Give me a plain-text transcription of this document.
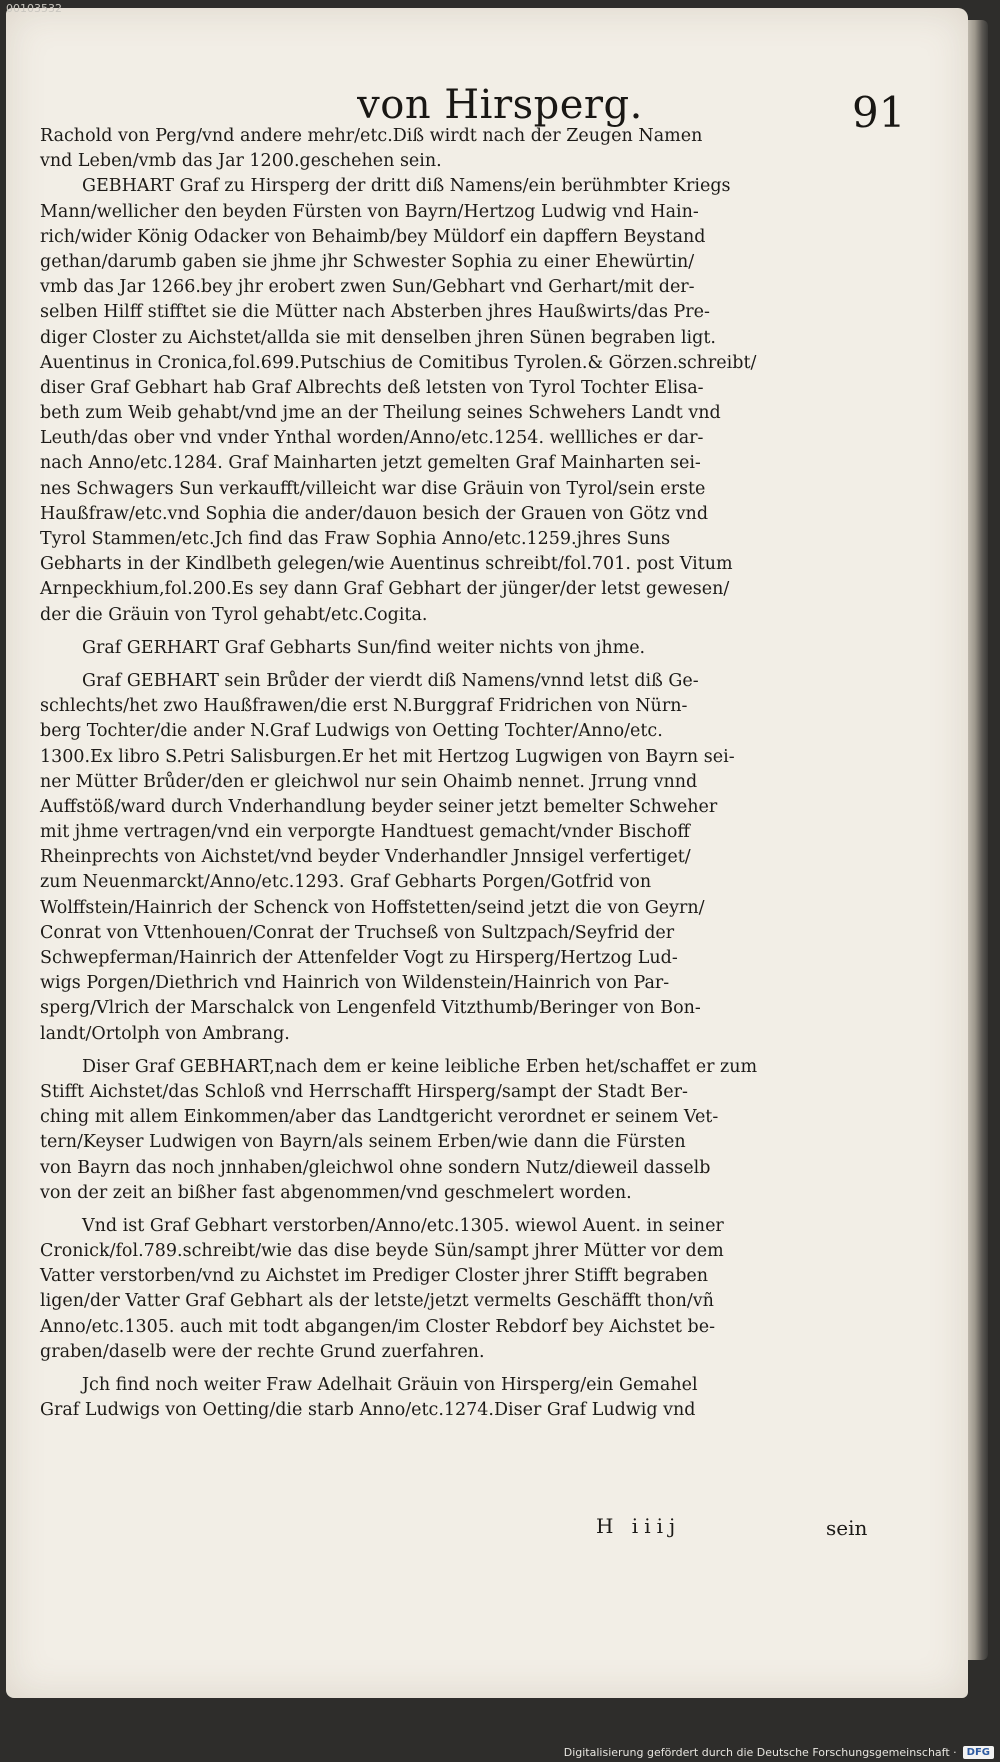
00103532
von Hirsperg.	91
Rachold von Perg/vnd andere mehr/etc.Diß wirdt nach der Zeugen Namen
vnd Leben/vmb das Jar 1200.geschehen sein.
GEBHART Graf zu Hirsperg der dritt diß Namens/ein berühmbter Kriegs
Mann/wellicher den beyden Fürsten von Bayrn/Hertzog Ludwig vnd Hain-
rich/wider König Odacker von Behaimb/bey Müldorf ein dapffern Beystand
gethan/darumb gaben sie jhme jhr Schwester Sophia zu einer Ehewürtin/
vmb das Jar 1266.bey jhr erobert zwen Sun/Gebhart vnd Gerhart/mit der-
selben Hilff stifftet sie die Mütter nach Absterben jhres Haußwirts/das Pre-
diger Closter zu Aichstet/allda sie mit denselben jhren Sünen begraben ligt.
Auentinus in Cronica,fol.699.Putschius de Comitibus Tyrolen.& Görzen.schreibt/
diser Graf Gebhart hab Graf Albrechts deß letsten von Tyrol Tochter Elisa-
beth zum Weib gehabt/vnd jme an der Theilung seines Schwehers Landt vnd
Leuth/das ober vnd vnder Ynthal worden/Anno/etc.1254. wellliches er dar-
nach Anno/etc.1284. Graf Mainharten jetzt gemelten Graf Mainharten sei-
nes Schwagers Sun verkaufft/villeicht war dise Gräuin von Tyrol/sein erste
Haußfraw/etc.vnd Sophia die ander/dauon besich der Grauen von Götz vnd
Tyrol Stammen/etc.Jch find das Fraw Sophia Anno/etc.1259.jhres Suns
Gebharts in der Kindlbeth gelegen/wie Auentinus schreibt/fol.701. post Vitum
Arnpeckhium,fol.200.Es sey dann Graf Gebhart der jünger/der letst gewesen/
der die Gräuin von Tyrol gehabt/etc.Cogita.
Graf GERHART Graf Gebharts Sun/find weiter nichts von jhme.
Graf GEBHART sein Brůder der vierdt diß Namens/vnnd letst diß Ge-
schlechts/het zwo Haußfrawen/die erst N.Burggraf Fridrichen von Nürn-
berg Tochter/die ander N.Graf Ludwigs von Oetting Tochter/Anno/etc.
1300.Ex libro S.Petri Salisburgen.Er het mit Hertzog Lugwigen von Bayrn sei-
ner Mütter Brůder/den er gleichwol nur sein Ohaimb nennet. Jrrung vnnd
Auffstöß/ward durch Vnderhandlung beyder seiner jetzt bemelter Schweher
mit jhme vertragen/vnd ein verporgte Handtuest gemacht/vnder Bischoff
Rheinprechts von Aichstet/vnd beyder Vnderhandler Jnnsigel verfertiget/
zum Neuenmarckt/Anno/etc.1293. Graf Gebharts Porgen/Gotfrid von
Wolffstein/Hainrich der Schenck von Hoffstetten/seind jetzt die von Geyrn/
Conrat von Vttenhouen/Conrat der Truchseß von Sultzpach/Seyfrid der
Schwepferman/Hainrich der Attenfelder Vogt zu Hirsperg/Hertzog Lud-
wigs Porgen/Diethrich vnd Hainrich von Wildenstein/Hainrich von Par-
sperg/Vlrich der Marschalck von Lengenfeld Vitzthumb/Beringer von Bon-
landt/Ortolph von Ambrang.
Diser Graf GEBHART,nach dem er keine leibliche Erben het/schaffet er zum
Stifft Aichstet/das Schloß vnd Herrschafft Hirsperg/sampt der Stadt Ber-
ching mit allem Einkommen/aber das Landtgericht verordnet er seinem Vet-
tern/Keyser Ludwigen von Bayrn/als seinem Erben/wie dann die Fürsten
von Bayrn das noch jnnhaben/gleichwol ohne sondern Nutz/dieweil dasselb
von der zeit an bißher fast abgenommen/vnd geschmelert worden.
Vnd ist Graf Gebhart verstorben/Anno/etc.1305. wiewol Auent. in seiner
Cronick/fol.789.schreibt/wie das dise beyde Sün/sampt jhrer Mütter vor dem
Vatter verstorben/vnd zu Aichstet im Prediger Closter jhrer Stifft begraben
ligen/der Vatter Graf Gebhart als der letste/jetzt vermelts Geschäfft thon/vñ
Anno/etc.1305. auch mit todt abgangen/im Closter Rebdorf bey Aichstet be-
graben/daselb were der rechte Grund zuerfahren.
Jch find noch weiter Fraw Adelhait Gräuin von Hirsperg/ein Gemahel
Graf Ludwigs von Oetting/die starb Anno/etc.1274.Diser Graf Ludwig vnd
H iiij	sein
Digitalisierung gefördert durch die Deutsche Forschungsgemeinschaft ·	DFG
